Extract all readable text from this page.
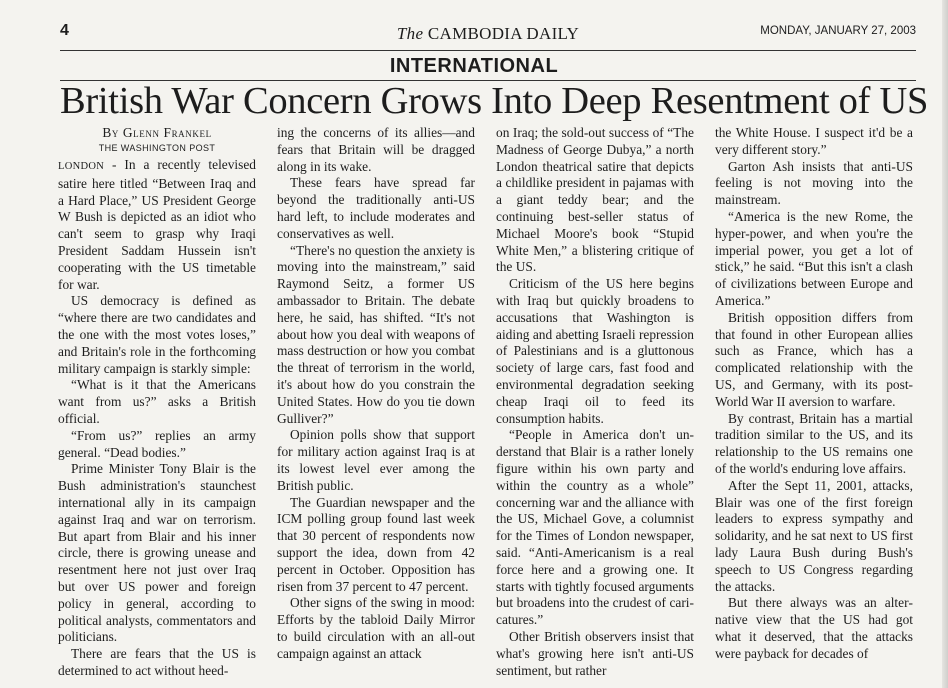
4	The CAMBODIA DAILY	MONDAY, JANUARY 27, 2003
INTERNATIONAL
British War Concern Grows Into Deep Resentment of US
By Glenn Frankel
THE WASHINGTON POST

LONDON - In a recently televised satire here titled “Between Iraq and a Hard Place,” US President George W Bush is depicted as an idiot who can't seem to grasp why Iraqi President Saddam Hussein isn't cooperating with the US timetable for war.

US democracy is defined as “where there are two candidates and the one with the most votes loses,” and Britain's role in the forthcoming military campaign is starkly simple:

“What is it that the Americans want from us?” asks a British official.

“From us?” replies an army general. “Dead bodies.”

Prime Minister Tony Blair is the Bush administration's staunchest international ally in its campaign against Iraq and war on terrorism. But apart from Blair and his inner circle, there is growing unease and resentment here not just over Iraq but over US power and foreign policy in general, according to political analysts, commentators and politicians.

There are fears that the US is determined to act without heed-

ing the concerns of its allies—and fears that Britain will be dragged along in its wake.

These fears have spread far beyond the traditionally anti-US hard left, to include moderates and conservatives as well.

“There's no question the anxiety is moving into the mainstream,” said Raymond Seitz, a former US ambassador to Britain. The debate here, he said, has shifted. “It's not about how you deal with weapons of mass destruction or how you combat the threat of terrorism in the world, it's about how do you constrain the United States. How do you tie down Gulliver?”

Opinion polls show that support for military action against Iraq is at its lowest level ever among the British public.

The Guardian newspaper and the ICM polling group found last week that 30 percent of respondents now support the idea, down from 42 percent in October. Opposition has risen from 37 percent to 47 percent.

Other signs of the swing in mood: Efforts by the tabloid Daily Mirror to build circulation with an all-out campaign against an attack

on Iraq; the sold-out success of “The Madness of George Dubya,” a north London theatrical satire that depicts a childlike president in pajamas with a giant teddy bear; and the continuing best-seller status of Michael Moore's book “Stupid White Men,” a blistering critique of the US.

Criticism of the US here begins with Iraq but quickly broadens to accusations that Washington is aiding and abetting Israeli repression of Palestinians and is a gluttonous society of large cars, fast food and environmental degradation seeking cheap Iraqi oil to feed its consumption habits.

“People in America don't understand that Blair is a rather lonely figure within his own party and within the country as a whole” concerning war and the alliance with the US, Michael Gove, a columnist for the Times of London newspaper, said. “Anti-Americanism is a real force here and a growing one. It starts with tightly focused arguments but broadens into the crudest of caricatures.”

Other British observers insist that what's growing here isn't anti-US sentiment, but rather

the White House. I suspect it'd be a very different story.”

Garton Ash insists that anti-US feeling is not moving into the mainstream.

“America is the new Rome, the hyper-power, and when you're the imperial power, you get a lot of stick,” he said. “But this isn't a clash of civilizations between Europe and America.”

British opposition differs from that found in other European allies such as France, which has a complicated relationship with the US, and Germany, with its post-World War II aversion to warfare.

By contrast, Britain has a martial tradition similar to the US, and its relationship to the US remains one of the world's enduring love affairs.

After the Sept 11, 2001, attacks, Blair was one of the first foreign leaders to express sympathy and solidarity, and he sat next to US first lady Laura Bush during Bush's speech to US Congress regarding the attacks.

But there always was an alternative view that the US had got what it deserved, that the attacks were payback for decades of
